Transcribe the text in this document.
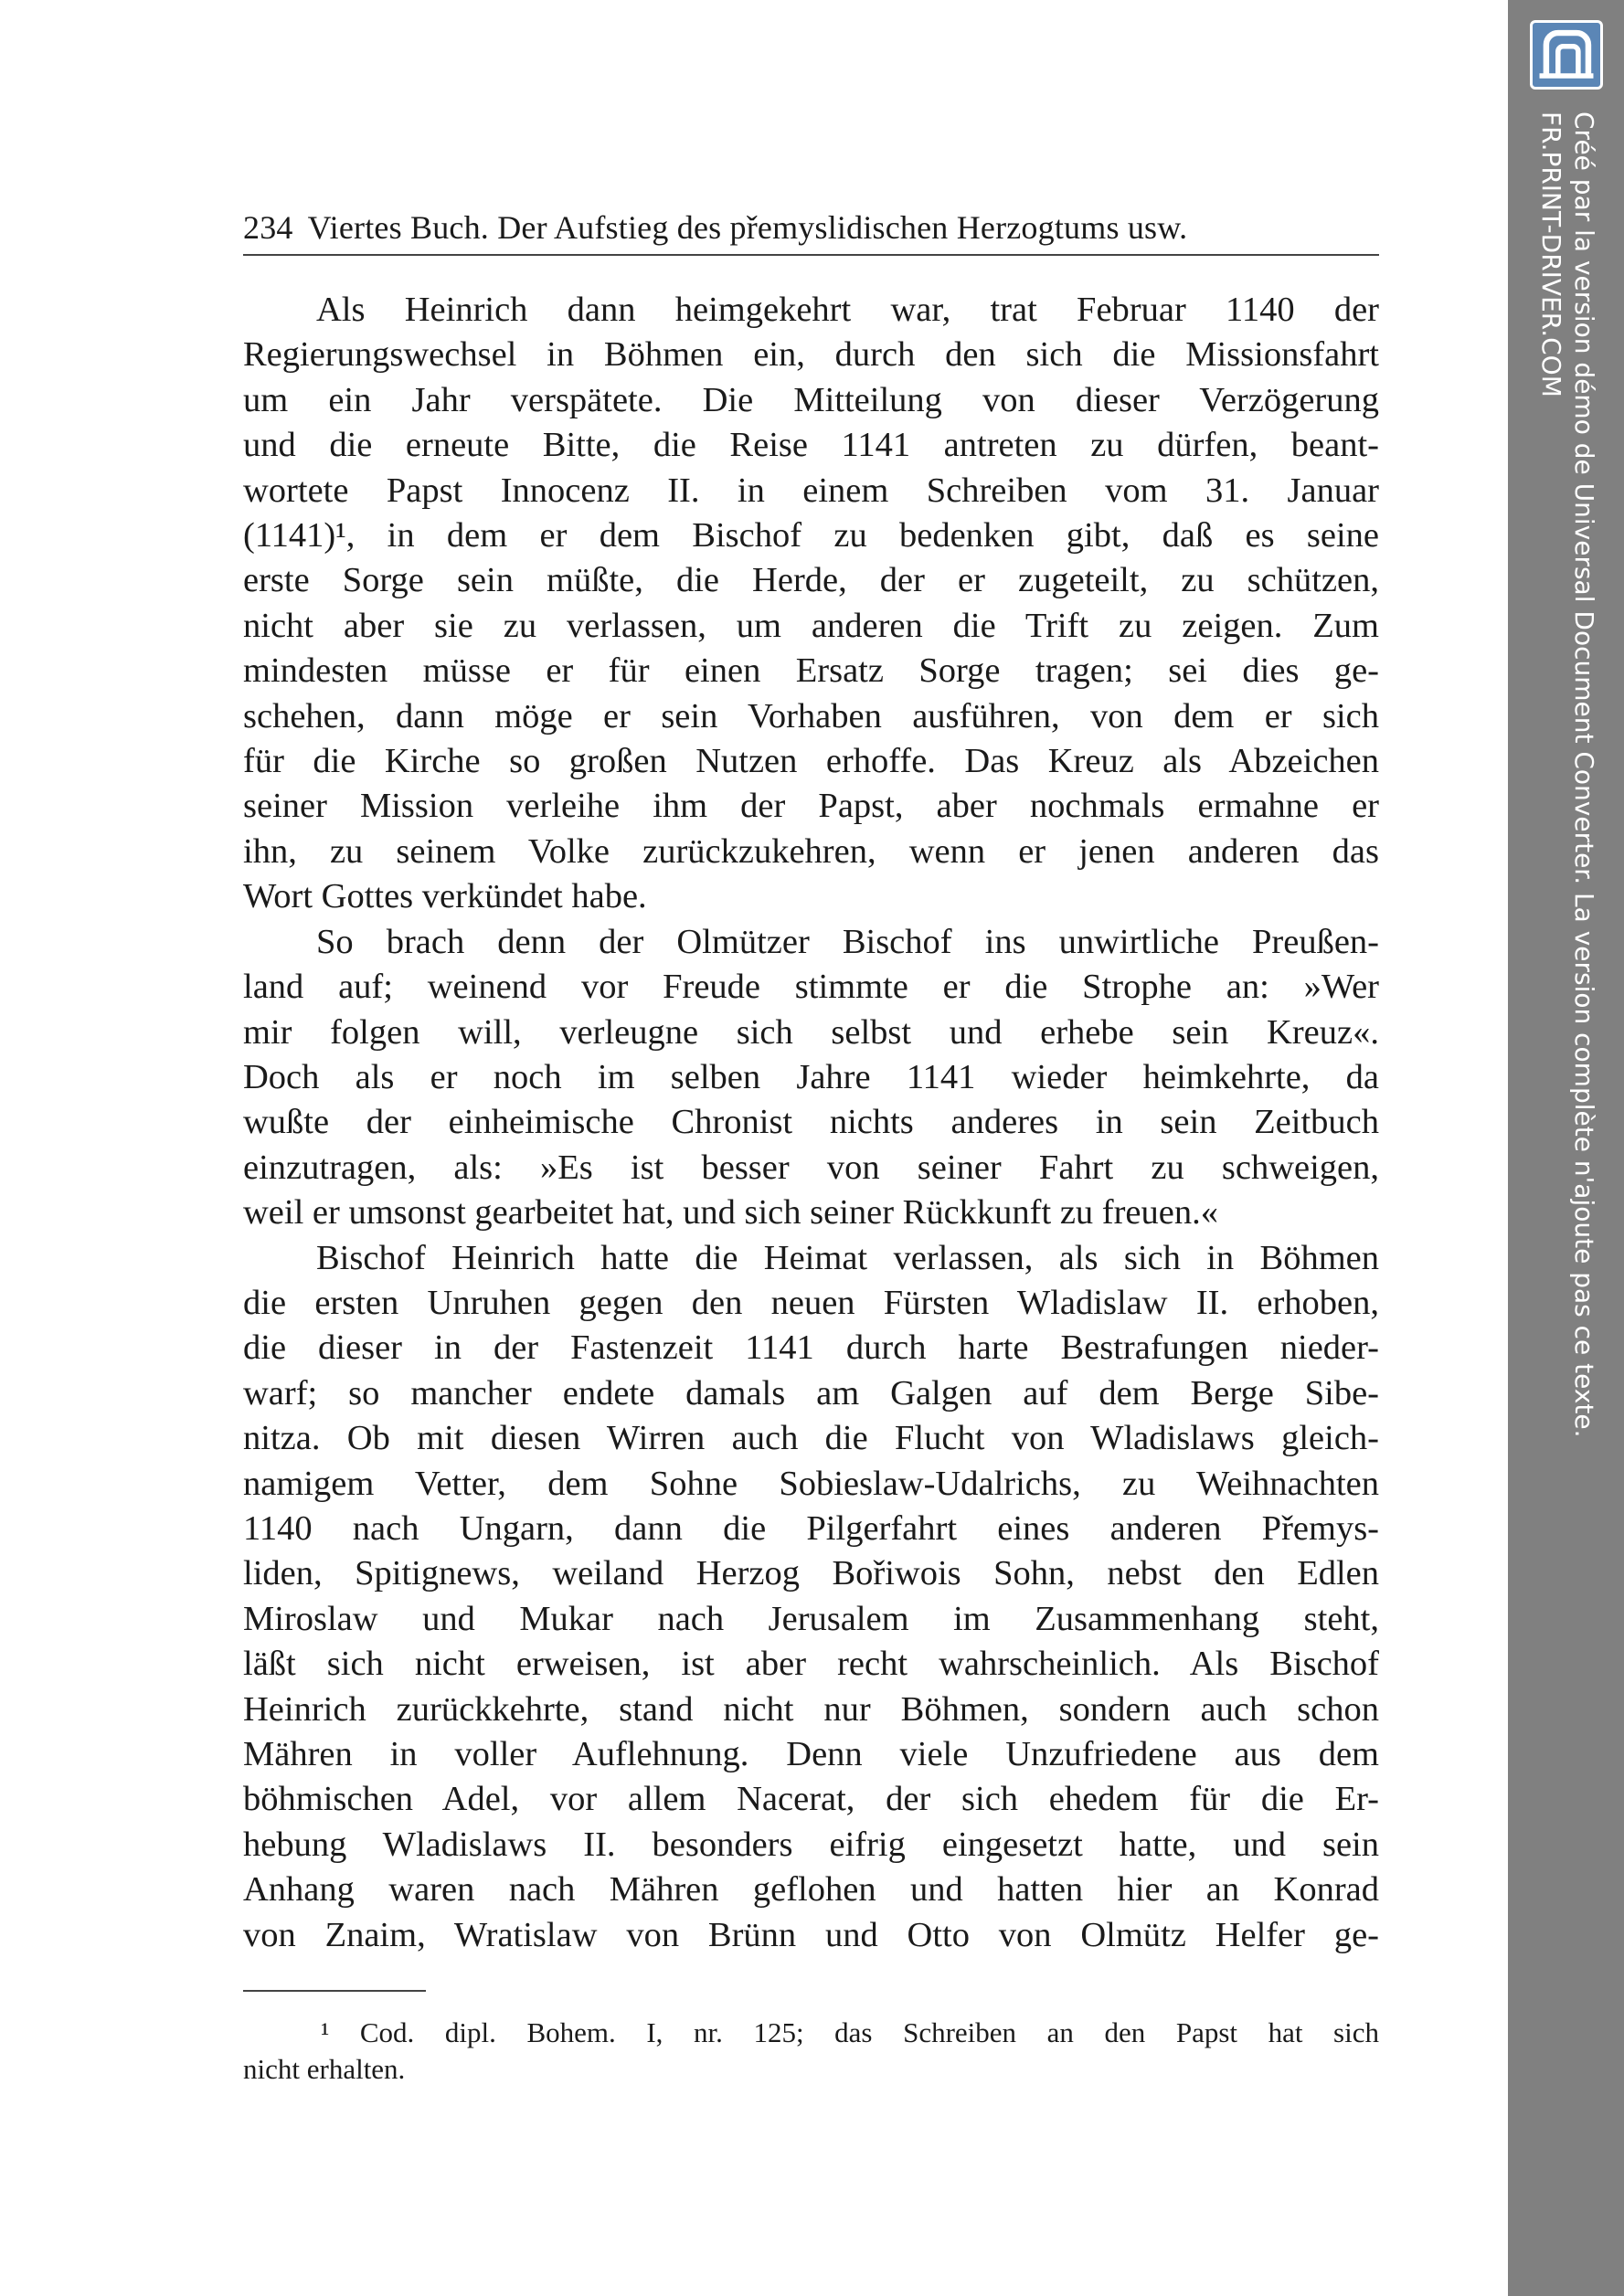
234 Viertes Buch. Der Aufstieg des přemyslidischen Herzogtums usw.
Als Heinrich dann heimgekehrt war, trat Februar 1140 der
Regierungswechsel in Böhmen ein, durch den sich die Missionsfahrt
um ein Jahr verspätete. Die Mitteilung von dieser Verzögerung
und die erneute Bitte, die Reise 1141 antreten zu dürfen, beant-
wortete Papst Innocenz II. in einem Schreiben vom 31. Januar
(1141)¹, in dem er dem Bischof zu bedenken gibt, daß es seine
erste Sorge sein müßte, die Herde, der er zugeteilt, zu schützen,
nicht aber sie zu verlassen, um anderen die Trift zu zeigen. Zum
mindesten müsse er für einen Ersatz Sorge tragen; sei dies ge-
schehen, dann möge er sein Vorhaben ausführen, von dem er sich
für die Kirche so großen Nutzen erhoffe. Das Kreuz als Abzeichen
seiner Mission verleihe ihm der Papst, aber nochmals ermahne er
ihn, zu seinem Volke zurückzukehren, wenn er jenen anderen das
Wort Gottes verkündet habe.
So brach denn der Olmützer Bischof ins unwirtliche Preußen-
land auf; weinend vor Freude stimmte er die Strophe an: »Wer
mir folgen will, verleugne sich selbst und erhebe sein Kreuz«.
Doch als er noch im selben Jahre 1141 wieder heimkehrte, da
wußte der einheimische Chronist nichts anderes in sein Zeitbuch
einzutragen, als: »Es ist besser von seiner Fahrt zu schweigen,
weil er umsonst gearbeitet hat, und sich seiner Rückkunft zu freuen.«
Bischof Heinrich hatte die Heimat verlassen, als sich in Böhmen
die ersten Unruhen gegen den neuen Fürsten Wladislaw II. erhoben,
die dieser in der Fastenzeit 1141 durch harte Bestrafungen nieder-
warf; so mancher endete damals am Galgen auf dem Berge Sibe-
nitza. Ob mit diesen Wirren auch die Flucht von Wladislaws gleich-
namigem Vetter, dem Sohne Sobieslaw-Udalrichs, zu Weihnachten
1140 nach Ungarn, dann die Pilgerfahrt eines anderen Přemys-
liden, Spitignews, weiland Herzog Bořiwois Sohn, nebst den Edlen
Miroslaw und Mukar nach Jerusalem im Zusammenhang steht,
läßt sich nicht erweisen, ist aber recht wahrscheinlich. Als Bischof
Heinrich zurückkehrte, stand nicht nur Böhmen, sondern auch schon
Mähren in voller Auflehnung. Denn viele Unzufriedene aus dem
böhmischen Adel, vor allem Nacerat, der sich ehedem für die Er-
hebung Wladislaws II. besonders eifrig eingesetzt hatte, und sein
Anhang waren nach Mähren geflohen und hatten hier an Konrad
von Znaim, Wratislaw von Brünn und Otto von Olmütz Helfer ge-
¹ Cod. dipl. Bohem. I, nr. 125; das Schreiben an den Papst hat sich
nicht erhalten.
Créé par la version démo de Universal Document Converter. La version complète n'ajoute pas ce texte.
FR.PRINT-DRIVER.COM
